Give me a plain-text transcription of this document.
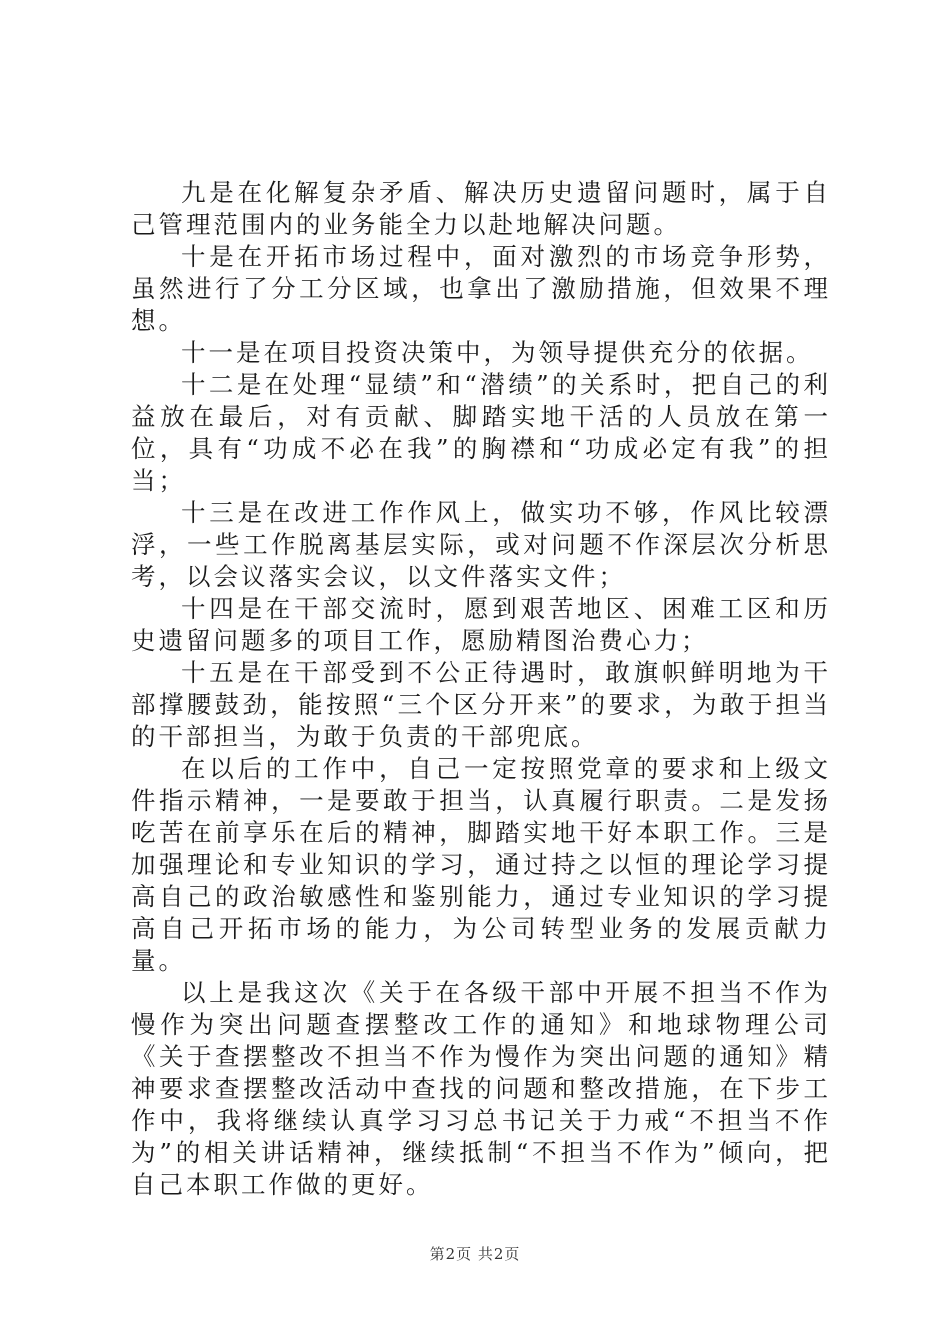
九是在化解复杂矛盾、解决历史遗留问题时，属于自己管理范围内的业务能全力以赴地解决问题。

十是在开拓市场过程中，面对激烈的市场竞争形势，虽然进行了分工分区域，也拿出了激励措施，但效果不理想。

十一是在项目投资决策中，为领导提供充分的依据。

十二是在处理“显绩”和“潜绩”的关系时，把自己的利益放在最后，对有贡献、脚踏实地干活的人员放在第一位，具有“功成不必在我”的胸襟和“功成必定有我”的担当；

十三是在改进工作作风上，做实功不够，作风比较漂浮，一些工作脱离基层实际，或对问题不作深层次分析思考，以会议落实会议，以文件落实文件；

十四是在干部交流时，愿到艰苦地区、困难工区和历史遗留问题多的项目工作，愿励精图治费心力；

十五是在干部受到不公正待遇时，敢旗帜鲜明地为干部撑腰鼓劲，能按照“三个区分开来”的要求，为敢于担当的干部担当，为敢于负责的干部兜底。

在以后的工作中，自己一定按照党章的要求和上级文件指示精神，一是要敢于担当，认真履行职责。二是发扬吃苦在前享乐在后的精神，脚踏实地干好本职工作。三是加强理论和专业知识的学习，通过持之以恒的理论学习提高自己的政治敏感性和鉴别能力，通过专业知识的学习提高自己开拓市场的能力，为公司转型业务的发展贡献力量。

以上是我这次《关于在各级干部中开展不担当不作为慢作为突出问题查摆整改工作的通知》和地球物理公司《关于查摆整改不担当不作为慢作为突出问题的通知》精神要求查摆整改活动中查找的问题和整改措施，在下步工作中，我将继续认真学习习总书记关于力戒“不担当不作为”的相关讲话精神，继续抵制“不担当不作为”倾向，把自己本职工作做的更好。

第2页 共2页
